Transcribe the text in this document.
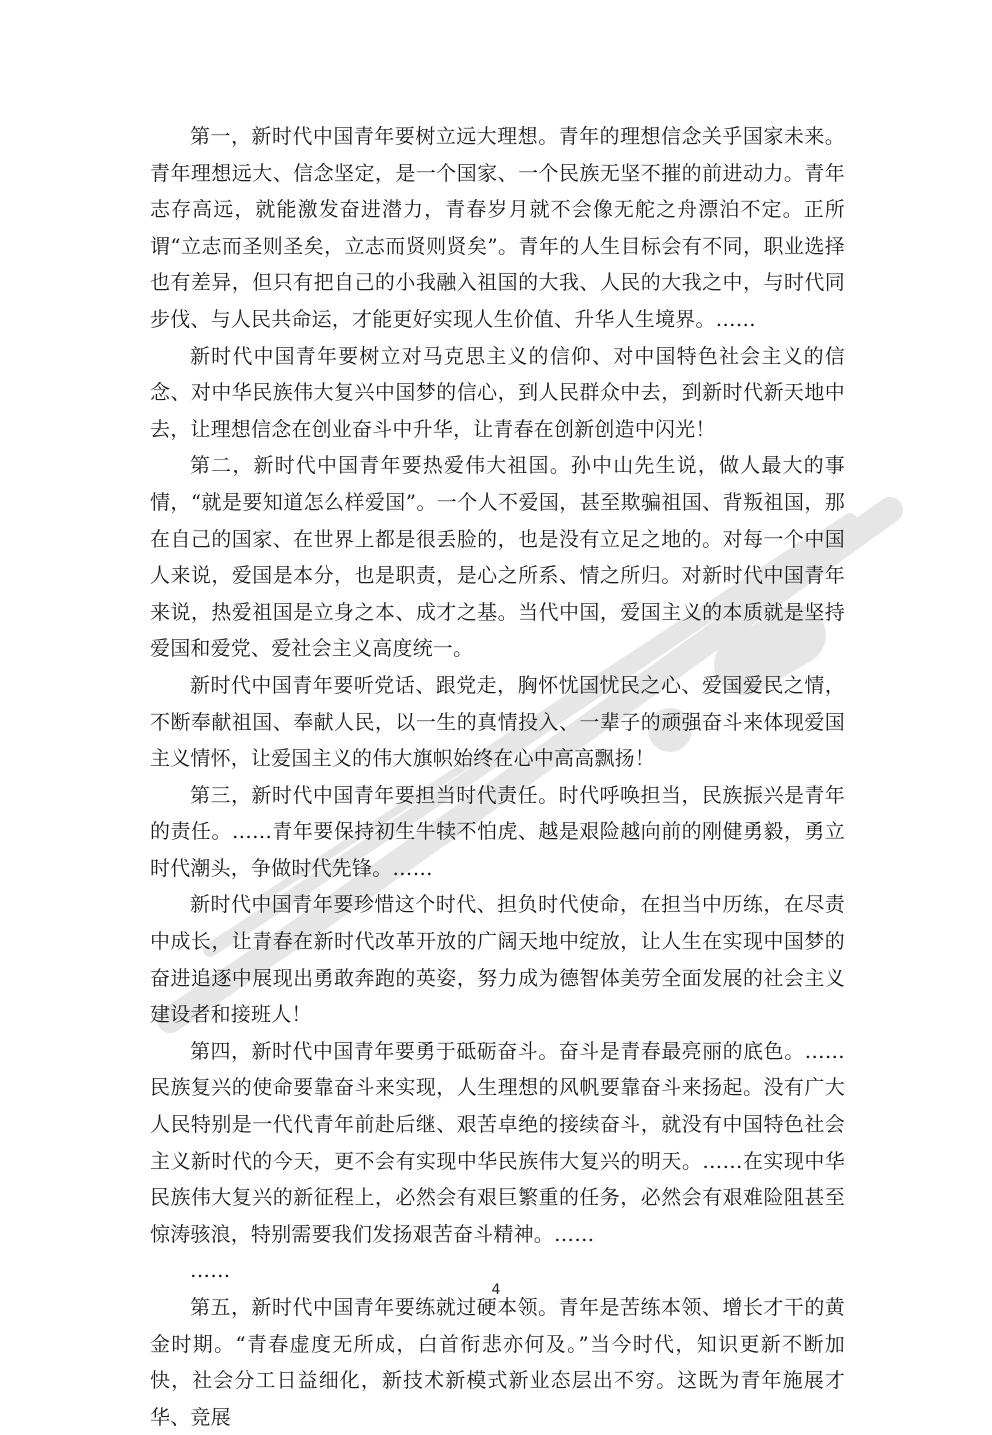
第一，新时代中国青年要树立远大理想。青年的理想信念关乎国家未来。青年理想远大、信念坚定，是一个国家、一个民族无坚不摧的前进动力。青年志存高远，就能激发奋进潜力，青春岁月就不会像无舵之舟漂泊不定。正所谓“立志而圣则圣矣，立志而贤则贤矣”。青年的人生目标会有不同，职业选择也有差异，但只有把自己的小我融入祖国的大我、人民的大我之中，与时代同步伐、与人民共命运，才能更好实现人生价值、升华人生境界。……

新时代中国青年要树立对马克思主义的信仰、对中国特色社会主义的信念、对中华民族伟大复兴中国梦的信心，到人民群众中去，到新时代新天地中去，让理想信念在创业奋斗中升华，让青春在创新创造中闪光！

第二，新时代中国青年要热爱伟大祖国。孙中山先生说，做人最大的事情，“就是要知道怎么样爱国”。一个人不爱国，甚至欺骗祖国、背叛祖国，那在自己的国家、在世界上都是很丢脸的，也是没有立足之地的。对每一个中国人来说，爱国是本分，也是职责，是心之所系、情之所归。对新时代中国青年来说，热爱祖国是立身之本、成才之基。当代中国，爱国主义的本质就是坚持爱国和爱党、爱社会主义高度统一。

新时代中国青年要听党话、跟党走，胸怀忧国忧民之心、爱国爱民之情，不断奉献祖国、奉献人民，以一生的真情投入、一辈子的顽强奋斗来体现爱国主义情怀，让爱国主义的伟大旗帜始终在心中高高飘扬！

第三，新时代中国青年要担当时代责任。时代呼唤担当，民族振兴是青年的责任。……青年要保持初生牛犊不怕虎、越是艰险越向前的刚健勇毅，勇立时代潮头，争做时代先锋。……

新时代中国青年要珍惜这个时代、担负时代使命，在担当中历练，在尽责中成长，让青春在新时代改革开放的广阔天地中绽放，让人生在实现中国梦的奋进追逐中展现出勇敢奔跑的英姿，努力成为德智体美劳全面发展的社会主义建设者和接班人！

第四，新时代中国青年要勇于砥砺奋斗。奋斗是青春最亮丽的底色。……民族复兴的使命要靠奋斗来实现，人生理想的风帆要靠奋斗来扬起。没有广大人民特别是一代代青年前赴后继、艰苦卓绝的接续奋斗，就没有中国特色社会主义新时代的今天，更不会有实现中华民族伟大复兴的明天。……在实现中华民族伟大复兴的新征程上，必然会有艰巨繁重的任务，必然会有艰难险阻甚至惊涛骇浪，特别需要我们发扬艰苦奋斗精神。……

……

第五，新时代中国青年要练就过硬本领。青年是苦练本领、增长才干的黄金时期。“青春虚度无所成，白首衔悲亦何及。”当今时代，知识更新不断加快，社会分工日益细化，新技术新模式新业态层出不穷。这既为青年施展才华、竞展

4
